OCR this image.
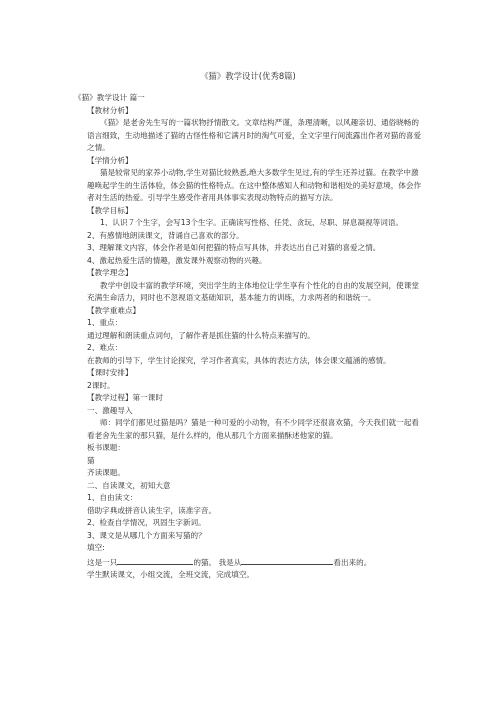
《猫》教学设计(优秀8篇)
《猫》教学设计 篇一
【教材分析】
《猫》是老舍先生写的一篇状物抒情散文。文章结构严谨，条理清晰，以风趣亲切、通俗晓畅的语言细致，生动地描述了猫的古怪性格和它满月时的淘气可爱，全文字里行间流露出作者对猫的喜爱之情。
【学情分析】
猫是较常见的家养小动物,学生对猫比较熟悉,绝大多数学生见过,有的学生还养过猫。在教学中激趣唤起学生的生活体验，体会猫的性格特点。在这中整体感知人和动物和谐相处的美好意境，体会作者对生活的热爱。引导学生感受作者用具体事实表现动物特点的描写方法。
【教学目标】
1、认识７个生字，会写13个生字。正确读写性格、任凭、贪玩、尽职、屏息凝视等词语。
2、有感情地朗读课文，背诵自己喜欢的部分。
3、理解课文内容，体会作者是如何把猫的特点写具体，并表达出自己对猫的喜爱之情。
4、激起热爱生活的情趣，激发课外观察动物的兴趣。
【教学理念】
教学中创设丰富的教学环境，突出学生的主体地位让学生享有个性化的自由的发展空间，使课堂充满生命活力，同时也不忽视语文基础知识，基本能力的训练，力求两者的和谐统一。
【教学重难点】
1、重点：
通过理解和朗读重点词句，了解作者是抓住猫的什么特点来描写的。
2、难点：
在教师的引导下，学生讨论探究，学习作者真实，具体的表达方法，体会课文蕴涵的感情。
【课时安排】
2课时。
【教学过程】第一课时
一、激趣导入
师：同学们都见过猫是吗？猫是一种可爱的小动物，有不少同学还很喜欢猫，今天我们就一起看看老舍先生家的那只猫，是什么样的，他从那几个方面来描酥述他家的猫。
板书课题：
猫
齐读课题。
二、自读课文，初知大意
1、自由读文：
借助字典或拼音认读生字，读准字音。
2、检查自学情况，巩固生字新词。
3、课文是从哪几个方面来写猫的？
填空:
这是一只	的猫。 我是从	看出来的。
学生默读课文，小组交流，全班交流，完成填空。
